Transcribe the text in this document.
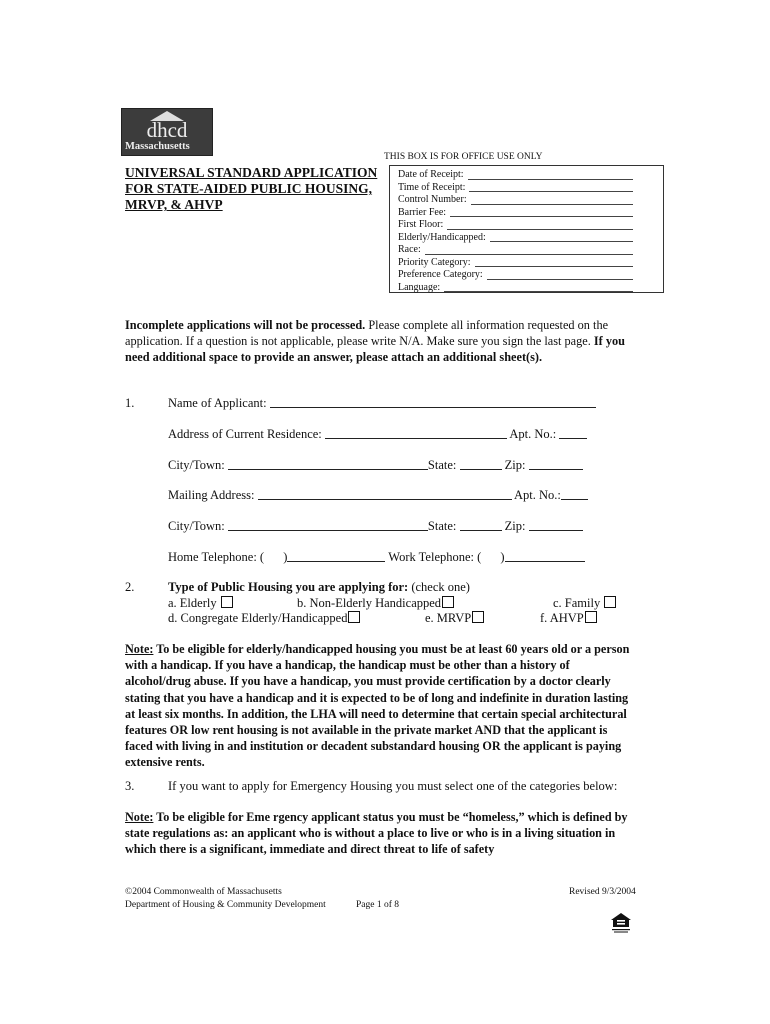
dhcd
Massachusetts
UNIVERSAL STANDARD APPLICATION
FOR STATE-AIDED PUBLIC HOUSING,
MRVP, & AHVP
THIS BOX IS FOR OFFICE USE ONLY
Date of Receipt:
Time of Receipt:
Control Number:
Barrier Fee:
First Floor:
Elderly/Handicapped:
Race:
Priority Category:
Preference Category:
Language:
Incomplete applications will not be processed. Please complete all information requested on the application. If a question is not applicable, please write N/A. Make sure you sign the last page. If you need additional space to provide an answer, please attach an additional sheet(s).
1.	Name of Applicant:
Address of Current Residence:	Apt. No.:
City/Town:	State:	Zip:
Mailing Address:	Apt. No.:
City/Town:	State:	Zip:
Home Telephone: ( )	Work Telephone: ( )
2.	Type of Public Housing you are applying for: (check one)
a. Elderly	b. Non-Elderly Handicapped	c. Family
d. Congregate Elderly/Handicapped	e. MRVP	f. AHVP
Note: To be eligible for elderly/handicapped housing you must be at least 60 years old or a person with a handicap. If you have a handicap, the handicap must be other than a history of alcohol/drug abuse. If you have a handicap, you must provide certification by a doctor clearly stating that you have a handicap and it is expected to be of long and indefinite in duration lasting at least six months. In addition, the LHA will need to determine that certain special architectural features OR low rent housing is not available in the private market AND that the applicant is faced with living in and institution or decadent substandard housing OR the applicant is paying extensive rents.
3.	If you want to apply for Emergency Housing you must select one of the categories below:
Note: To be eligible for Eme rgency applicant status you must be “homeless,” which is defined by state regulations as: an applicant who is without a place to live or who is in a living situation in which there is a significant, immediate and direct threat to life of safety
©2004 Commonwealth of Massachusetts
Department of Housing & Community Development	Page 1 of 8
Revised 9/3/2004
